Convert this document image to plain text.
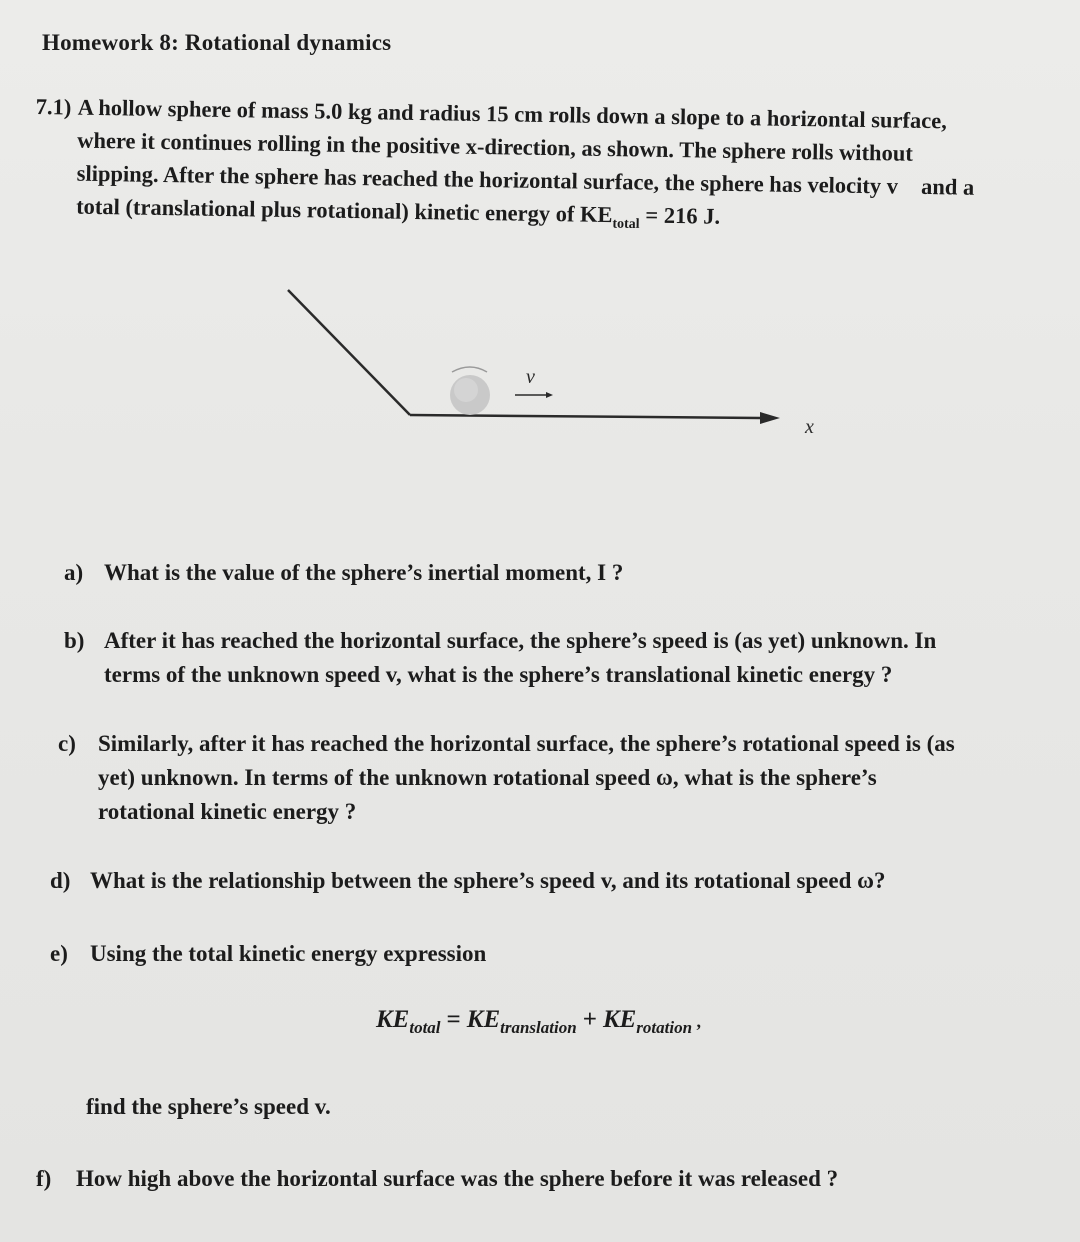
Homework 8: Rotational dynamics
7.1) A hollow sphere of mass 5.0 kg and radius 15 cm rolls down a slope to a horizontal surface,
where it continues rolling in the positive x-direction, as shown. The sphere rolls without
slipping. After the sphere has reached the horizontal surface, the sphere has velocity v⃗ and a
total (translational plus rotational) kinetic energy of $KE_{total} = 216$ J.
v
x
a) What is the value of the sphere’s inertial moment, I ?
b) After it has reached the horizontal surface, the sphere’s speed is (as yet) unknown. In
terms of the unknown speed v, what is the sphere’s translational kinetic energy ?
c) Similarly, after it has reached the horizontal surface, the sphere’s rotational speed is (as
yet) unknown. In terms of the unknown rotational speed ω, what is the sphere’s
rotational kinetic energy ?
d) What is the relationship between the sphere’s speed v, and its rotational speed ω?
e) Using the total kinetic energy expression
$KE_{total} = KE_{translation} + KE_{rotation}$ ,
find the sphere’s speed v.
f) How high above the horizontal surface was the sphere before it was released ?
